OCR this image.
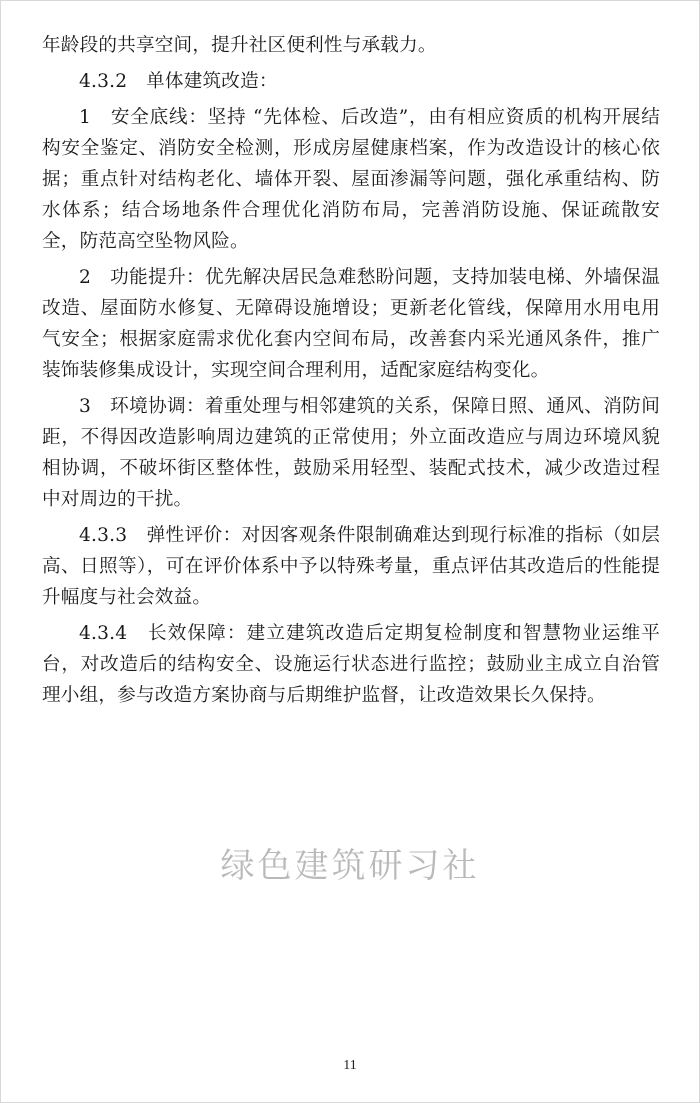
年龄段的共享空间，提升社区便利性与承载力。

4.3.2　单体建筑改造：

1　安全底线：坚持 “先体检、后改造”，由有相应资质的机构开展结构安全鉴定、消防安全检测，形成房屋健康档案，作为改造设计的核心依据；重点针对结构老化、墙体开裂、屋面渗漏等问题，强化承重结构、防水体系；结合场地条件合理优化消防布局，完善消防设施、保证疏散安全，防范高空坠物风险。

2　功能提升：优先解决居民急难愁盼问题，支持加装电梯、外墙保温改造、屋面防水修复、无障碍设施增设；更新老化管线，保障用水用电用气安全；根据家庭需求优化套内空间布局，改善套内采光通风条件，推广装饰装修集成设计，实现空间合理利用，适配家庭结构变化。

3　环境协调：着重处理与相邻建筑的关系，保障日照、通风、消防间距，不得因改造影响周边建筑的正常使用；外立面改造应与周边环境风貌相协调，不破坏街区整体性，鼓励采用轻型、装配式技术，减少改造过程中对周边的干扰。

4.3.3　弹性评价：对因客观条件限制确难达到现行标准的指标（如层高、日照等），可在评价体系中予以特殊考量，重点评估其改造后的性能提升幅度与社会效益。

4.3.4　长效保障：建立建筑改造后定期复检制度和智慧物业运维平台，对改造后的结构安全、设施运行状态进行监控；鼓励业主成立自治管理小组，参与改造方案协商与后期维护监督，让改造效果长久保持。

绿色建筑研习社
11
